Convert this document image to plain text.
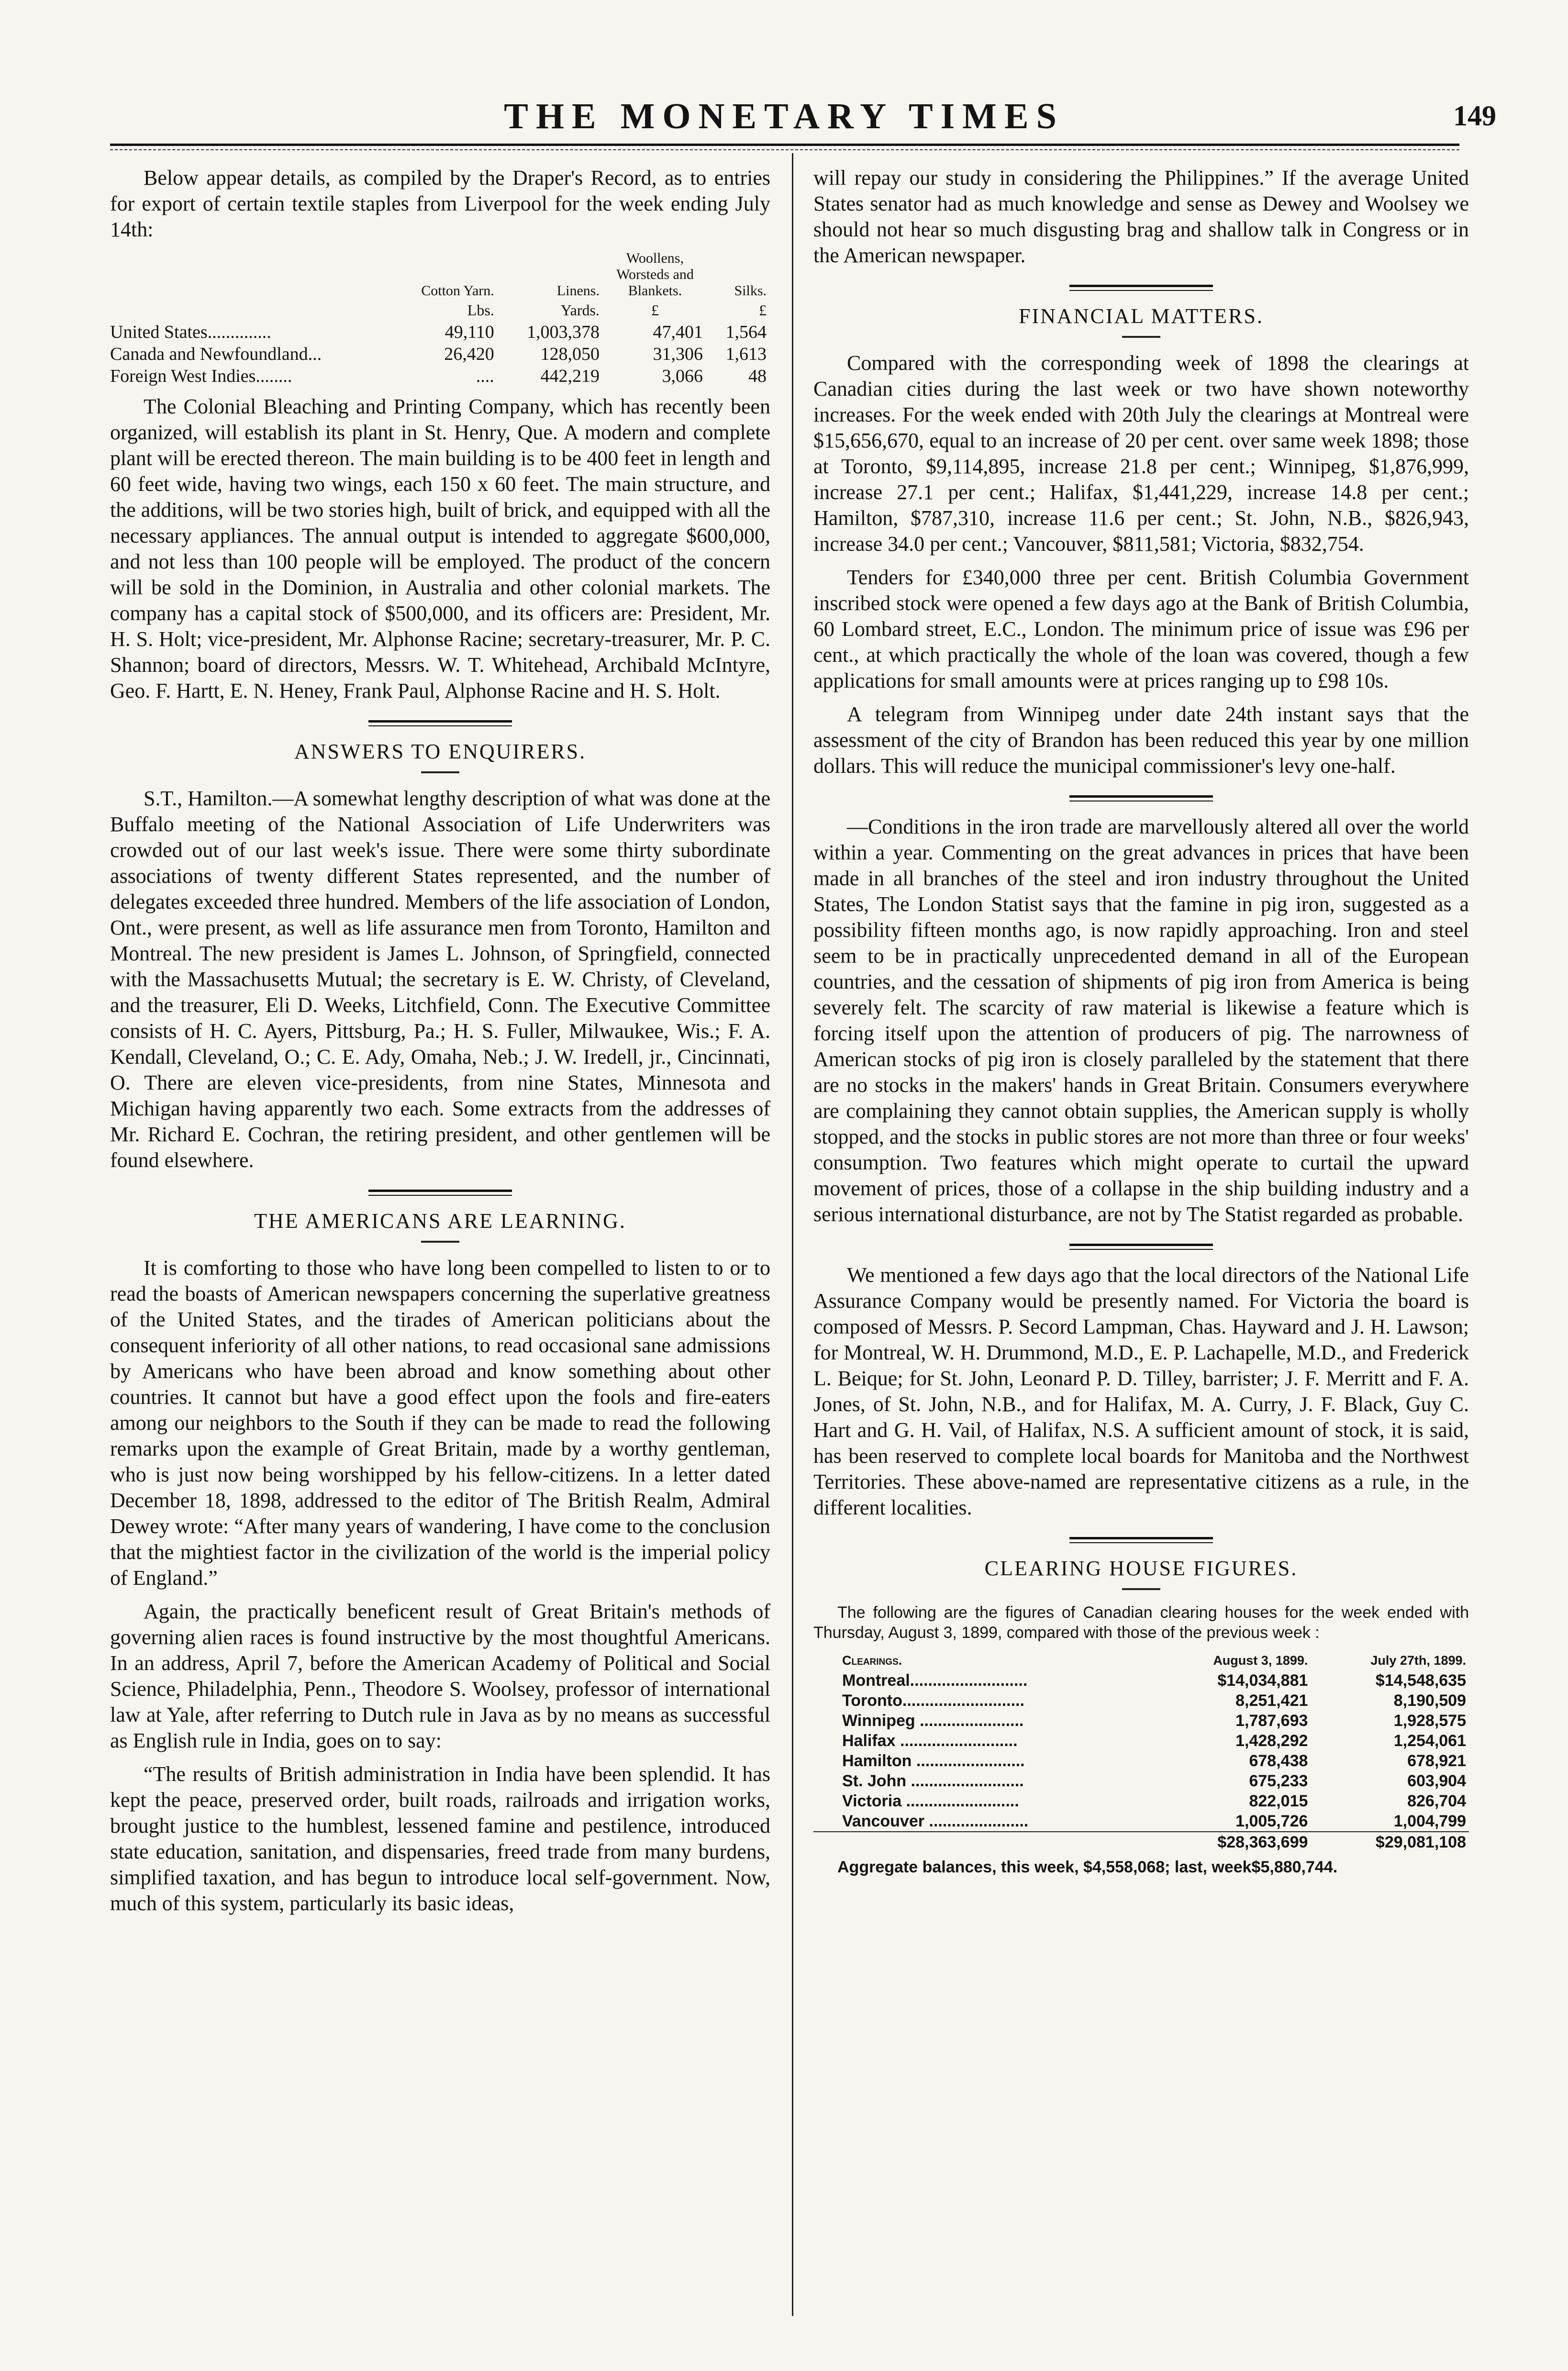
THE MONETARY TIMES	149

Below appear details, as compiled by the Draper's Record, as to entries for export of certain textile staples from Liverpool for the week ending July 14th:

	Cotton Yarn.	Linens.	Woollens, Worsteds and Blankets.	Silks.
	Lbs.	Yards.	£	£
United States..............	49,110	1,003,378	47,401	1,564
Canada and Newfoundland...	26,420	128,050	31,306	1,613
Foreign West Indies........	....	442,219	3,066	48

The Colonial Bleaching and Printing Company, which has recently been organized, will establish its plant in St. Henry, Que. A modern and complete plant will be erected thereon. The main building is to be 400 feet in length and 60 feet wide, having two wings, each 150 x 60 feet. The main structure, and the additions, will be two stories high, built of brick, and equipped with all the necessary appliances. The annual output is intended to aggregate $600,000, and not less than 100 people will be employed. The product of the concern will be sold in the Dominion, in Australia and other colonial markets. The company has a capital stock of $500,000, and its officers are: President, Mr. H. S. Holt; vice-president, Mr. Alphonse Racine; secretary-treasurer, Mr. P. C. Shannon; board of directors, Messrs. W. T. Whitehead, Archibald McIntyre, Geo. F. Hartt, E. N. Heney, Frank Paul, Alphonse Racine and H. S. Holt.

ANSWERS TO ENQUIRERS.

S.T., Hamilton.—A somewhat lengthy description of what was done at the Buffalo meeting of the National Association of Life Underwriters was crowded out of our last week's issue. There were some thirty subordinate associations of twenty different States represented, and the number of delegates exceeded three hundred. Members of the life association of London, Ont., were present, as well as life assurance men from Toronto, Hamilton and Montreal. The new president is James L. Johnson, of Springfield, connected with the Massachusetts Mutual; the secretary is E. W. Christy, of Cleveland, and the treasurer, Eli D. Weeks, Litchfield, Conn. The Executive Committee consists of H. C. Ayers, Pittsburg, Pa.; H. S. Fuller, Milwaukee, Wis.; F. A. Kendall, Cleveland, O.; C. E. Ady, Omaha, Neb.; J. W. Iredell, jr., Cincinnati, O. There are eleven vice-presidents, from nine States, Minnesota and Michigan having apparently two each. Some extracts from the addresses of Mr. Richard E. Cochran, the retiring president, and other gentlemen will be found elsewhere.

THE AMERICANS ARE LEARNING.

It is comforting to those who have long been compelled to listen to or to read the boasts of American newspapers concerning the superlative greatness of the United States, and the tirades of American politicians about the consequent inferiority of all other nations, to read occasional sane admissions by Americans who have been abroad and know something about other countries. It cannot but have a good effect upon the fools and fire-eaters among our neighbors to the South if they can be made to read the following remarks upon the example of Great Britain, made by a worthy gentleman, who is just now being worshipped by his fellow-citizens. In a letter dated December 18, 1898, addressed to the editor of The British Realm, Admiral Dewey wrote: “After many years of wandering, I have come to the conclusion that the mightiest factor in the civilization of the world is the imperial policy of England.”

Again, the practically beneficent result of Great Britain's methods of governing alien races is found instructive by the most thoughtful Americans. In an address, April 7, before the American Academy of Political and Social Science, Philadelphia, Penn., Theodore S. Woolsey, professor of international law at Yale, after referring to Dutch rule in Java as by no means as successful as English rule in India, goes on to say:

“The results of British administration in India have been splendid. It has kept the peace, preserved order, built roads, railroads and irrigation works, brought justice to the humblest, lessened famine and pestilence, introduced state education, sanitation, and dispensaries, freed trade from many burdens, simplified taxation, and has begun to introduce local self-government. Now, much of this system, particularly its basic ideas,

will repay our study in considering the Philippines.” If the average United States senator had as much knowledge and sense as Dewey and Woolsey we should not hear so much disgusting brag and shallow talk in Congress or in the American newspaper.

FINANCIAL MATTERS.

Compared with the corresponding week of 1898 the clearings at Canadian cities during the last week or two have shown noteworthy increases. For the week ended with 20th July the clearings at Montreal were $15,656,670, equal to an increase of 20 per cent. over same week 1898; those at Toronto, $9,114,895, increase 21.8 per cent.; Winnipeg, $1,876,999, increase 27.1 per cent.; Halifax, $1,441,229, increase 14.8 per cent.; Hamilton, $787,310, increase 11.6 per cent.; St. John, N.B., $826,943, increase 34.0 per cent.; Vancouver, $811,581; Victoria, $832,754.

Tenders for £340,000 three per cent. British Columbia Government inscribed stock were opened a few days ago at the Bank of British Columbia, 60 Lombard street, E.C., London. The minimum price of issue was £96 per cent., at which practically the whole of the loan was covered, though a few applications for small amounts were at prices ranging up to £98 10s.

A telegram from Winnipeg under date 24th instant says that the assessment of the city of Brandon has been reduced this year by one million dollars. This will reduce the municipal commissioner's levy one-half.

—Conditions in the iron trade are marvellously altered all over the world within a year. Commenting on the great advances in prices that have been made in all branches of the steel and iron industry throughout the United States, The London Statist says that the famine in pig iron, suggested as a possibility fifteen months ago, is now rapidly approaching. Iron and steel seem to be in practically unprecedented demand in all of the European countries, and the cessation of shipments of pig iron from America is being severely felt. The scarcity of raw material is likewise a feature which is forcing itself upon the attention of producers of pig. The narrowness of American stocks of pig iron is closely paralleled by the statement that there are no stocks in the makers' hands in Great Britain. Consumers everywhere are complaining they cannot obtain supplies, the American supply is wholly stopped, and the stocks in public stores are not more than three or four weeks' consumption. Two features which might operate to curtail the upward movement of prices, those of a collapse in the ship building industry and a serious international disturbance, are not by The Statist regarded as probable.

We mentioned a few days ago that the local directors of the National Life Assurance Company would be presently named. For Victoria the board is composed of Messrs. P. Secord Lampman, Chas. Hayward and J. H. Lawson; for Montreal, W. H. Drummond, M.D., E. P. Lachapelle, M.D., and Frederick L. Beique; for St. John, Leonard P. D. Tilley, barrister; J. F. Merritt and F. A. Jones, of St. John, N.B., and for Halifax, M. A. Curry, J. F. Black, Guy C. Hart and G. H. Vail, of Halifax, N.S. A sufficient amount of stock, it is said, has been reserved to complete local boards for Manitoba and the Northwest Territories. These above-named are representative citizens as a rule, in the different localities.

CLEARING HOUSE FIGURES.

The following are the figures of Canadian clearing houses for the week ended with Thursday, August 3, 1899, compared with those of the previous week :

Clearings.	August 3, 1899.	July 27th, 1899.
Montreal..........................	$14,034,881	$14,548,635
Toronto...........................	8,251,421	8,190,509
Winnipeg .......................	1,787,693	1,928,575
Halifax ..........................	1,428,292	1,254,061
Hamilton ........................	678,438	678,921
St. John .........................	675,233	603,904
Victoria .........................	822,015	826,704
Vancouver ......................	1,005,726	1,004,799
	$28,363,699	$29,081,108
Aggregate balances, this week, $4,558,068; last, week$5,880,744.
